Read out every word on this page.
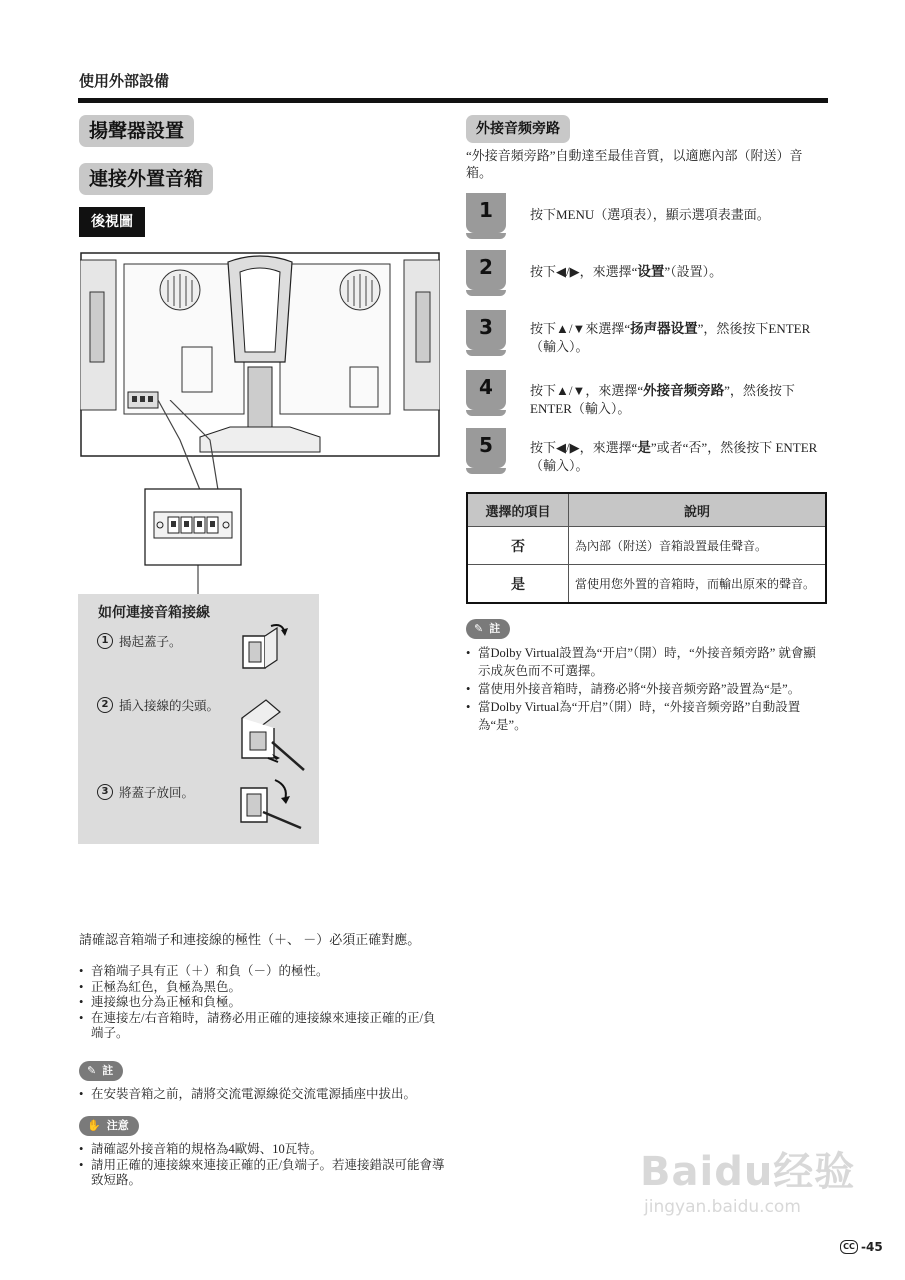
使用外部設備
揚聲器設置
連接外置音箱
後視圖
如何連接音箱接線
1 揭起蓋子。
2 插入接線的尖頭。
3 將蓋子放回。
請確認音箱端子和連接線的極性（＋、 －）必須正確對應。
• 音箱端子具有正（＋）和負（－）的極性。
• 正極為紅色，負極為黑色。
• 連接線也分為正極和負極。
• 在連接左/右音箱時，請務必用正確的連接線來連接正確的正/負端子。
✎ 註
• 在安裝音箱之前，請將交流電源線從交流電源插座中拔出。
✋ 注意
• 請確認外接音箱的規格為4歐姆、10瓦特。
• 請用正確的連接線來連接正確的正/負端子。若連接錯誤可能會導致短路。
外接音频旁路
“外接音頻旁路”自動達至最佳音質，以適應內部（附送）音箱。
1	按下MENU（選項表），顯示選項表畫面。
2	按下◀/▶，來選擇“设置”（設置）。
3	按下▲/▼來選擇“扬声器设置”，然後按下ENTER（輸入）。
4	按下▲/▼，來選擇“外接音频旁路”，然後按下 ENTER（輸入）。
5	按下◀/▶，來選擇“是”或者“否”，然後按下 ENTER（輸入）。
選擇的項目	說明
否	為內部（附送）音箱設置最佳聲音。
是	當使用您外置的音箱時，而輸出原來的聲音。
✎ 註
• 當Dolby Virtual設置為“开启”（開）時，“外接音頻旁路” 就會顯示成灰色而不可選擇。
• 當使用外接音箱時，請務必將“外接音频旁路”設置為“是”。
• 當Dolby Virtual為“开启”（開）時，“外接音频旁路”自動設置為“是”。
Baidu经验
jingyan.baidu.com
CC -45
